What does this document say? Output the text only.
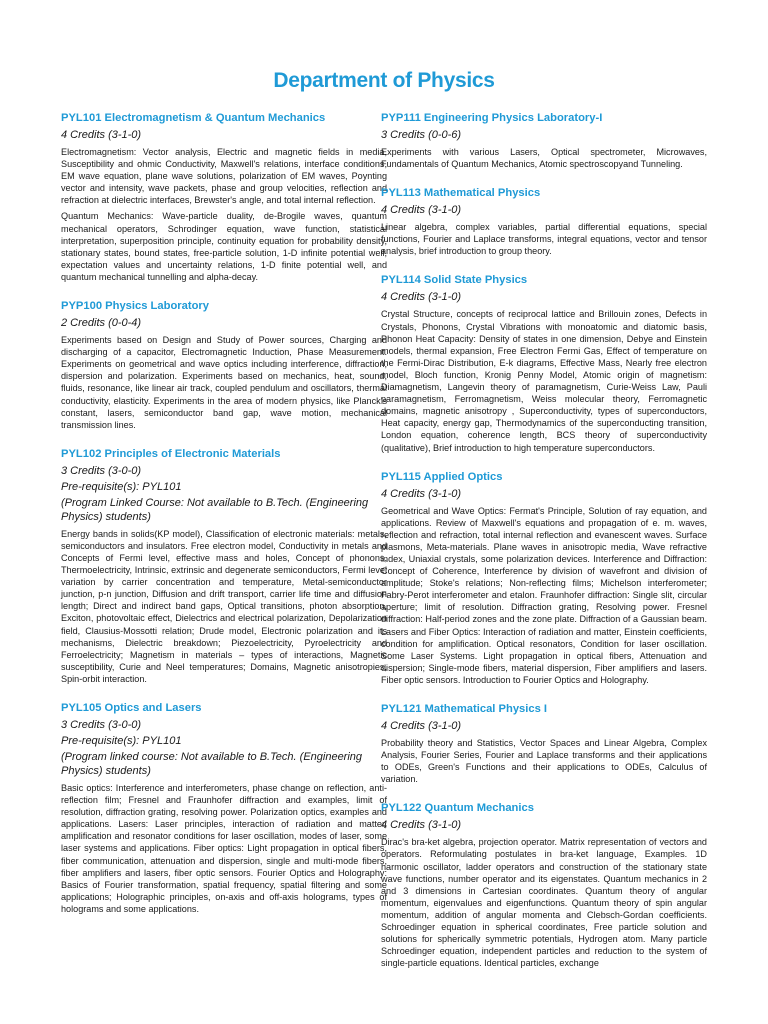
Department of Physics
PYL101 Electromagnetism & Quantum Mechanics
4 Credits (3-1-0)

Electromagnetism: Vector analysis, Electric and magnetic fields in media, Susceptibility and ohmic Conductivity, Maxwell's relations, interface conditions, EM wave equation, plane wave solutions, polarization of EM waves, Poynting vector and intensity, wave packets, phase and group velocities, reflection and refraction at dielectric interfaces, Brewster's angle, and total internal reflection.

Quantum Mechanics: Wave-particle duality, de-Brogile waves, quantum mechanical operators, Schrodinger equation, wave function, statistical interpretation, superposition principle, continuity equation for probability density, stationary states, bound states, free-particle solution, 1-D infinite potential well, expectation values and uncertainty relations, 1-D finite potential well, and quantum mechanical tunnelling and alpha-decay.

PYP100 Physics Laboratory
2 Credits (0-0-4)

Experiments based on Design and Study of Power sources, Charging and discharging of a capacitor, Electromagnetic Induction, Phase Measurement. Experiments on geometrical and wave optics including interference, diffraction, dispersion and polarization. Experiments based on mechanics, heat, sound, fluids, resonance, like linear air track, coupled pendulum and oscillators, thermal conductivity, elasticity. Experiments in the area of modern physics, like Planck's constant, lasers, semiconductor band gap, wave motion, mechanical transmission lines.

PYL102 Principles of Electronic Materials
3 Credits (3-0-0)
Pre-requisite(s): PYL101
(Program Linked Course: Not available to B.Tech. (Engineering Physics) students)

Energy bands in solids(KP model), Classification of electronic materials: metals, semiconductors and insulators. Free electron model, Conductivity in metals and Concepts of Fermi level, effective mass and holes, Concept of phonons, Thermoelectricity, Intrinsic, extrinsic and degenerate semiconductors, Fermi level variation by carrier concentration and temperature, Metal-semiconductor junction, p-n junction, Diffusion and drift transport, carrier life time and diffusion length; Direct and indirect band gaps, Optical transitions, photon absorption, Exciton, photovoltaic effect, Dielectrics and electrical polarization, Depolarization field, Clausius-Mossotti relation; Drude model, Electronic polarization and its mechanisms, Dielectric breakdown; Piezoelectricity, Pyroelectricity and Ferroelectricity; Magnetism in materials – types of interactions, Magnetic susceptibility, Curie and Neel temperatures; Domains, Magnetic anisotropies, Spin-orbit interaction.

PYL105 Optics and Lasers
3 Credits (3-0-0)
Pre-requisite(s): PYL101
(Program linked course: Not available to B.Tech. (Engineering Physics) students)

Basic optics: Interference and interferometers, phase change on reflection, anti-reflection film; Fresnel and Fraunhofer diffraction and examples, limit of resolution, diffraction grating, resolving power. Polarization optics, examples and applications. Lasers: Laser principles, interaction of radiation and matter, amplification and resonator conditions for laser oscillation, modes of laser, some laser systems and applications. Fiber optics: Light propagation in optical fibers, fiber communication, attenuation and dispersion, single and multi-mode fibers, fiber amplifiers and lasers, fiber optic sensors. Fourier Optics and Holography: Basics of Fourier transformation, spatial frequency, spatial filtering and some applications; Holographic principles, on-axis and off-axis holograms, types of holograms and some applications.

PYP111 Engineering Physics Laboratory-I
3 Credits (0-0-6)

Experiments with various Lasers, Optical spectrometer, Microwaves, Fundamentals of Quantum Mechanics, Atomic spectroscopyand Tunneling.

PYL113 Mathematical Physics
4 Credits (3-1-0)

Linear algebra, complex variables, partial differential equations, special functions, Fourier and Laplace transforms, integral equations, vector and tensor analysis, brief introduction to group theory.

PYL114 Solid State Physics
4 Credits (3-1-0)

Crystal Structure, concepts of reciprocal lattice and Brillouin zones, Defects in Crystals, Phonons, Crystal Vibrations with monoatomic and diatomic basis, Phonon Heat Capacity: Density of states in one dimension, Debye and Einstein models, thermal expansion, Free Electron Fermi Gas, Effect of temperature on the Fermi-Dirac Distribution, E-k diagrams, Effective Mass, Nearly free electron model, Bloch function, Kronig Penny Model, Atomic origin of magnetism: Diamagnetism, Langevin theory of paramagnetism, Curie-Weiss Law, Pauli paramagnetism, Ferromagnetism, Weiss molecular theory, Ferromagnetic domains, magnetic anisotropy , Superconductivity, types of superconductors, Heat capacity, energy gap, Thermodynamics of the superconducting transition, London equation, coherence length, BCS theory of superconductivity (qualitative), Brief introduction to high temperature superconductors.

PYL115 Applied Optics
4 Credits (3-1-0)

Geometrical and Wave Optics: Fermat's Principle, Solution of ray equation, and applications. Review of Maxwell's equations and propagation of e. m. waves, reflection and refraction, total internal reflection and evanescent waves. Surface plasmons, Meta-materials. Plane waves in anisotropic media, Wave refractive index, Uniaxial crystals, some polarization devices. Interference and Diffraction: Concept of Coherence, Interference by division of wavefront and division of amplitude; Stoke's relations; Non-reflecting films; Michelson interferometer; Fabry-Perot interferometer and etalon. Fraunhofer diffraction: Single slit, circular aperture; limit of resolution. Diffraction grating, Resolving power. Fresnel diffraction: Half-period zones and the zone plate. Diffraction of a Gaussian beam. Lasers and Fiber Optics: Interaction of radiation and matter, Einstein coefficients, condition for amplification. Optical resonators, Condition for laser oscillation. Some Laser Systems. Light propagation in optical fibers, Attenuation and dispersion; Single-mode fibers, material dispersion, Fiber amplifiers and lasers. Fiber optic sensors. Introduction to Fourier Optics and Holography.

PYL121 Mathematical Physics I
4 Credits (3-1-0)

Probability theory and Statistics, Vector Spaces and Linear Algebra, Complex Analysis, Fourier Series, Fourier and Laplace transforms and their applications to ODEs, Green's Functions and their applications to ODEs, Calculus of variation.

PYL122 Quantum Mechanics
4 Credits (3-1-0)

Dirac's bra-ket algebra, projection operator. Matrix representation of vectors and operators. Reformulating postulates in bra-ket language, Examples. 1D harmonic oscillator, ladder operators and construction of the stationary state wave functions, number operator and its eigenstates. Quantum mechanics in 2 and 3 dimensions in Cartesian coordinates. Quantum theory of angular momentum, eigenvalues and eigenfunctions. Quantum theory of spin angular momentum, addition of angular momenta and Clebsch-Gordan coefficients. Schroedinger equation in spherical coordinates, Free particle solution and solutions for spherically symmetric potentials, Hydrogen atom. Many particle Schroedinger equation, independent particles and reduction to the system of single-particle equations. Identical particles, exchange
